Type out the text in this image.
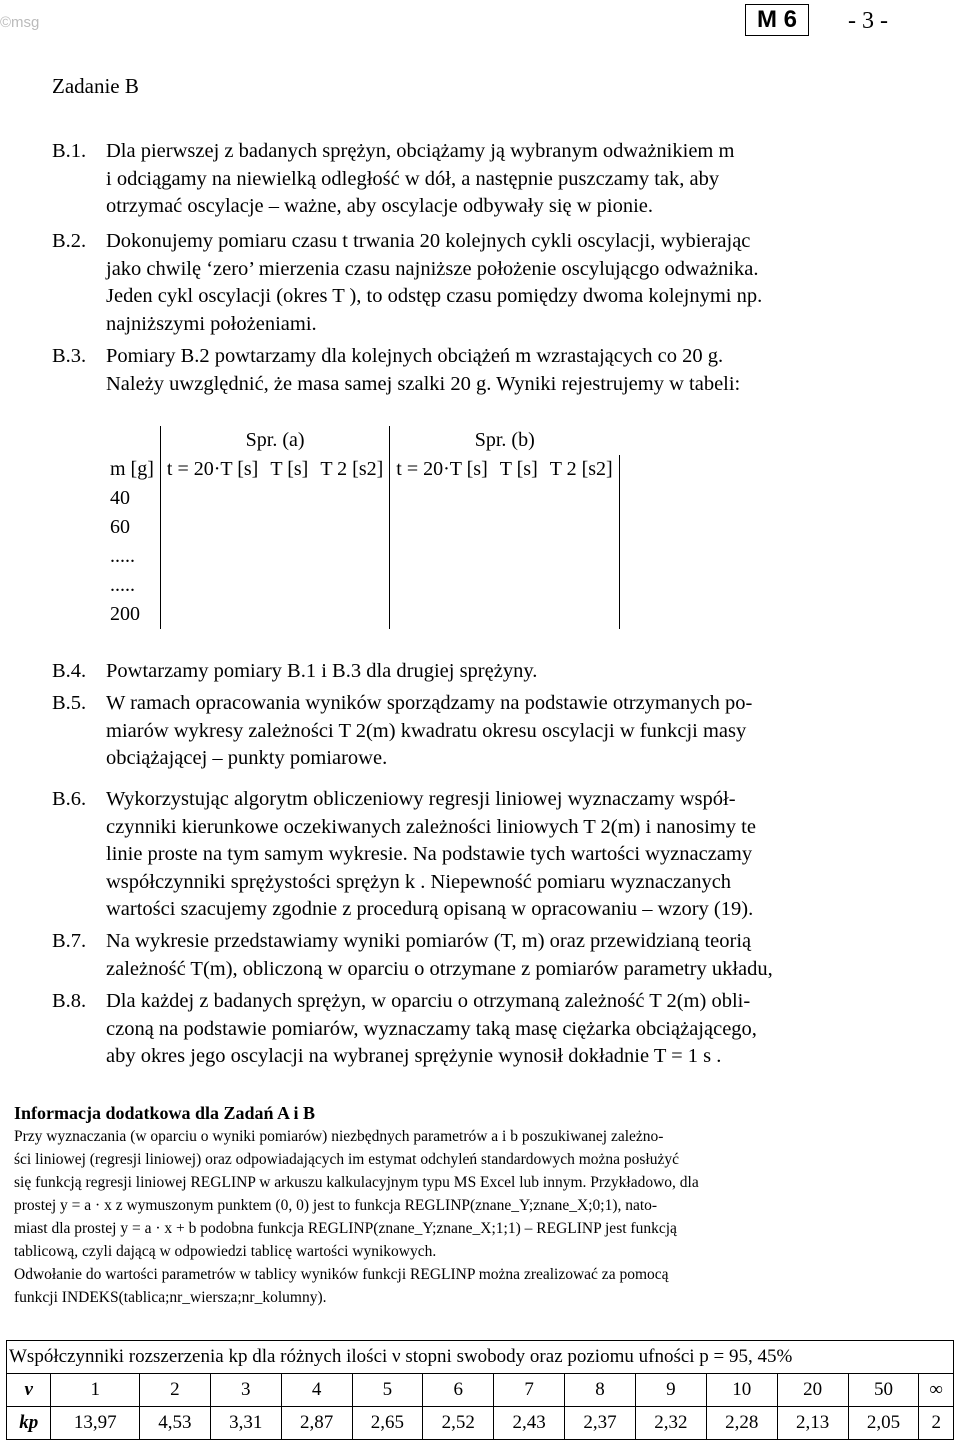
©msg	M 6	- 3 -
Zadanie B
	Spr. (a)			Spr. (b)		
m [g]	t = 20·T [s]	T [s]	T 2 [s2]	t = 20·T [s]	T [s]	T 2 [s2]
40						
60						
.....						
.....						
200						
Informacja dodatkowa dla Zadań A i B
Przy wyznaczania (w oparciu o wyniki pomiarów) niezbędnych parametrów a i b poszukiwanej zależno-
ści liniowej (regresji liniowej) oraz odpowiadających im estymat odchyleń standardowych można posłużyć
się funkcją regresji liniowej REGLINP w arkuszu kalkulacyjnym typu MS Excel lub innym. Przykładowo, dla
prostej y = a · x z wymuszonym punktem (0, 0) jest to funkcja REGLINP(znane_Y;znane_X;0;1), nato-
miast dla prostej y = a · x + b podobna funkcja REGLINP(znane_Y;znane_X;1;1) – REGLINP jest funkcją
tablicową, czyli dającą w odpowiedzi tablicę wartości wynikowych.
Odwołanie do wartości parametrów w tablicy wyników funkcji REGLINP można zrealizować za pomocą
funkcji INDEKS(tablica;nr_wiersza;nr_kolumny).
Współczynniki rozszerzenia kp dla różnych ilości ν stopni swobody oraz poziomu ufności p = 95, 45%													
ν	1	2	3	4	5	6	7	8	9	10	20	50	∞
kp	13,97	4,53	3,31	2,87	2,65	2,52	2,43	2,37	2,32	2,28	2,13	2,05	2
B.1. Dla pierwszej z badanych sprężyn, obciążamy ją wybranym odważnikiem m
i odciągamy na niewielką odległość w dół, a następnie puszczamy tak, aby
otrzymać oscylacje – ważne, aby oscylacje odbywały się w pionie.
B.2. Dokonujemy pomiaru czasu t trwania 20 kolejnych cykli oscylacji, wybierając
jako chwilę ‘zero’ mierzenia czasu najniższe położenie oscylującgo odważnika.
Jeden cykl oscylacji (okres T ), to odstęp czasu pomiędzy dwoma kolejnymi np.
najniższymi położeniami.
B.3. Pomiary B.2 powtarzamy dla kolejnych obciążeń m wzrastających co 20 g.
Należy uwzględnić, że masa samej szalki 20 g. Wyniki rejestrujemy w tabeli:
B.4. Powtarzamy pomiary B.1 i B.3 dla drugiej sprężyny.
B.5. W ramach opracowania wyników sporządzamy na podstawie otrzymanych po-
miarów wykresy zależności T 2(m) kwadratu okresu oscylacji w funkcji masy
obciążającej – punkty pomiarowe.
B.6. Wykorzystując algorytm obliczeniowy regresji liniowej wyznaczamy współ-
czynniki kierunkowe oczekiwanych zależności liniowych T 2(m) i nanosimy te
linie proste na tym samym wykresie. Na podstawie tych wartości wyznaczamy
współczynniki sprężystości sprężyn k . Niepewność pomiaru wyznaczanych
wartości szacujemy zgodnie z procedurą opisaną w opracowaniu – wzory (19).
B.7. Na wykresie przedstawiamy wyniki pomiarów (T, m) oraz przewidzianą teorią
zależność T(m), obliczoną w oparciu o otrzymane z pomiarów parametry układu,
B.8. Dla każdej z badanych sprężyn, w oparciu o otrzymaną zależność T 2(m) obli-
czoną na podstawie pomiarów, wyznaczamy taką masę ciężarka obciążającego,
aby okres jego oscylacji na wybranej sprężynie wynosił dokładnie T = 1 s .
